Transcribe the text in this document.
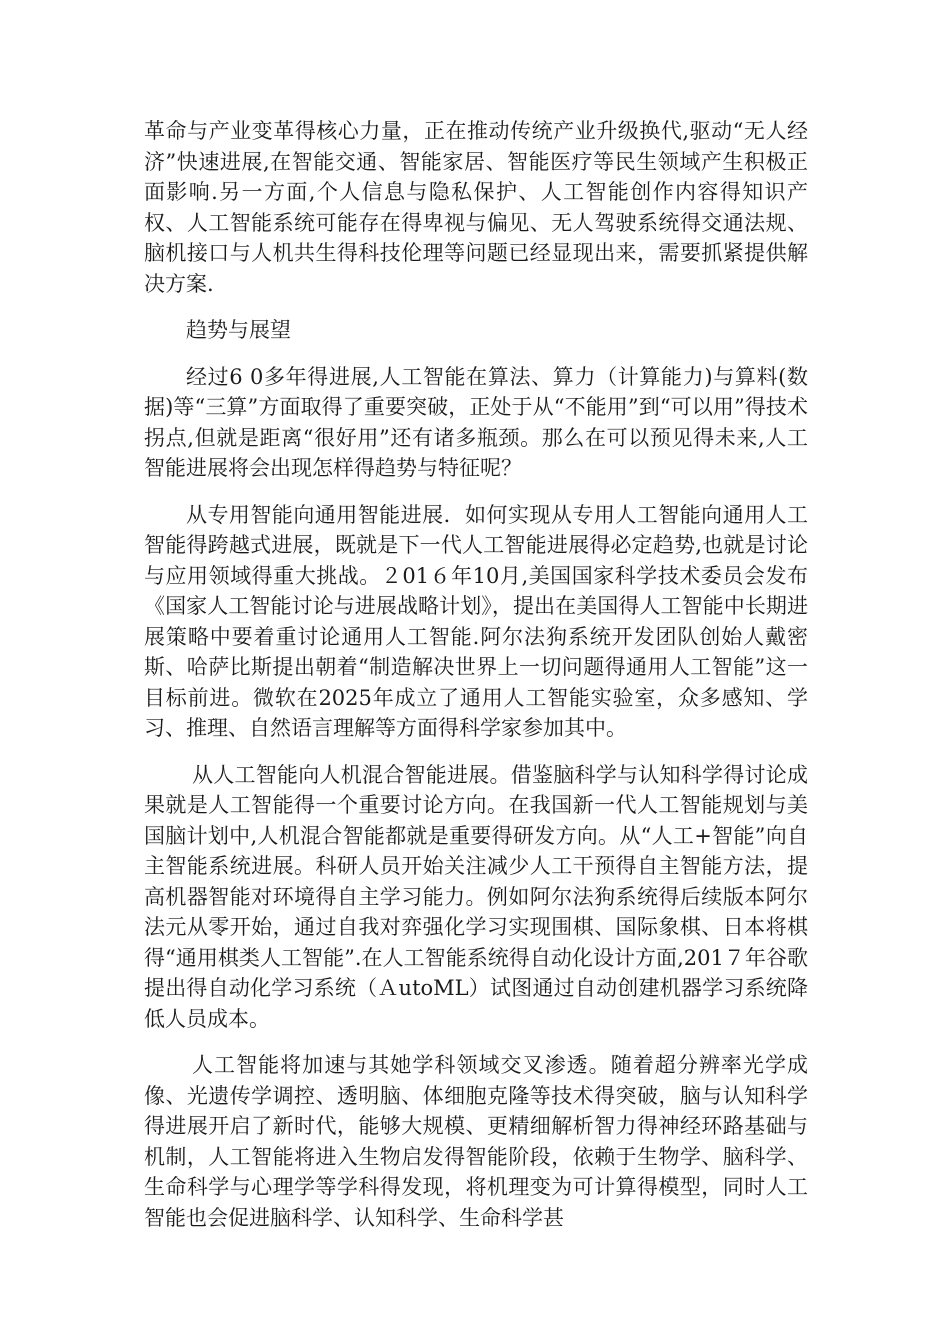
革命与产业变革得核心力量，正在推动传统产业升级换代,驱动“无人经济”快速进展,在智能交通、智能家居、智能医疗等民生领域产生积极正面影响.另一方面,个人信息与隐私保护、人工智能创作内容得知识产权、人工智能系统可能存在得卑视与偏见、无人驾驶系统得交通法规、脑机接口与人机共生得科技伦理等问题已经显现出来，需要抓紧提供解决方案.

趋势与展望

经过6 0多年得进展,人工智能在算法、算力（计算能力)与算料(数据)等“三算”方面取得了重要突破，正处于从“不能用”到“可以用”得技术拐点,但就是距离“很好用”还有诸多瓶颈。那么在可以预见得未来,人工智能进展将会出现怎样得趋势与特征呢？

从专用智能向通用智能进展．如何实现从专用人工智能向通用人工智能得跨越式进展，既就是下一代人工智能进展得必定趋势,也就是讨论与应用领域得重大挑战。２01６年10月,美国国家科学技术委员会发布《国家人工智能讨论与进展战略计划》，提出在美国得人工智能中长期进展策略中要着重讨论通用人工智能.阿尔法狗系统开发团队创始人戴密斯、哈萨比斯提出朝着“制造解决世界上一切问题得通用人工智能”这一目标前进。微软在2025年成立了通用人工智能实验室，众多感知、学习、推理、自然语言理解等方面得科学家参加其中。

从人工智能向人机混合智能进展。借鉴脑科学与认知科学得讨论成果就是人工智能得一个重要讨论方向。在我国新一代人工智能规划与美国脑计划中,人机混合智能都就是重要得研发方向。从“人工+智能”向自主智能系统进展。科研人员开始关注减少人工干预得自主智能方法，提高机器智能对环境得自主学习能力。例如阿尔法狗系统得后续版本阿尔法元从零开始，通过自我对弈强化学习实现围棋、国际象棋、日本将棋得“通用棋类人工智能”.在人工智能系统得自动化设计方面,201７年谷歌提出得自动化学习系统（ＡutoML）试图通过自动创建机器学习系统降低人员成本。

人工智能将加速与其她学科领域交叉渗透。随着超分辨率光学成像、光遗传学调控、透明脑、体细胞克隆等技术得突破，脑与认知科学得进展开启了新时代，能够大规模、更精细解析智力得神经环路基础与机制，人工智能将进入生物启发得智能阶段，依赖于生物学、脑科学、生命科学与心理学等学科得发现，将机理变为可计算得模型，同时人工智能也会促进脑科学、认知科学、生命科学甚
